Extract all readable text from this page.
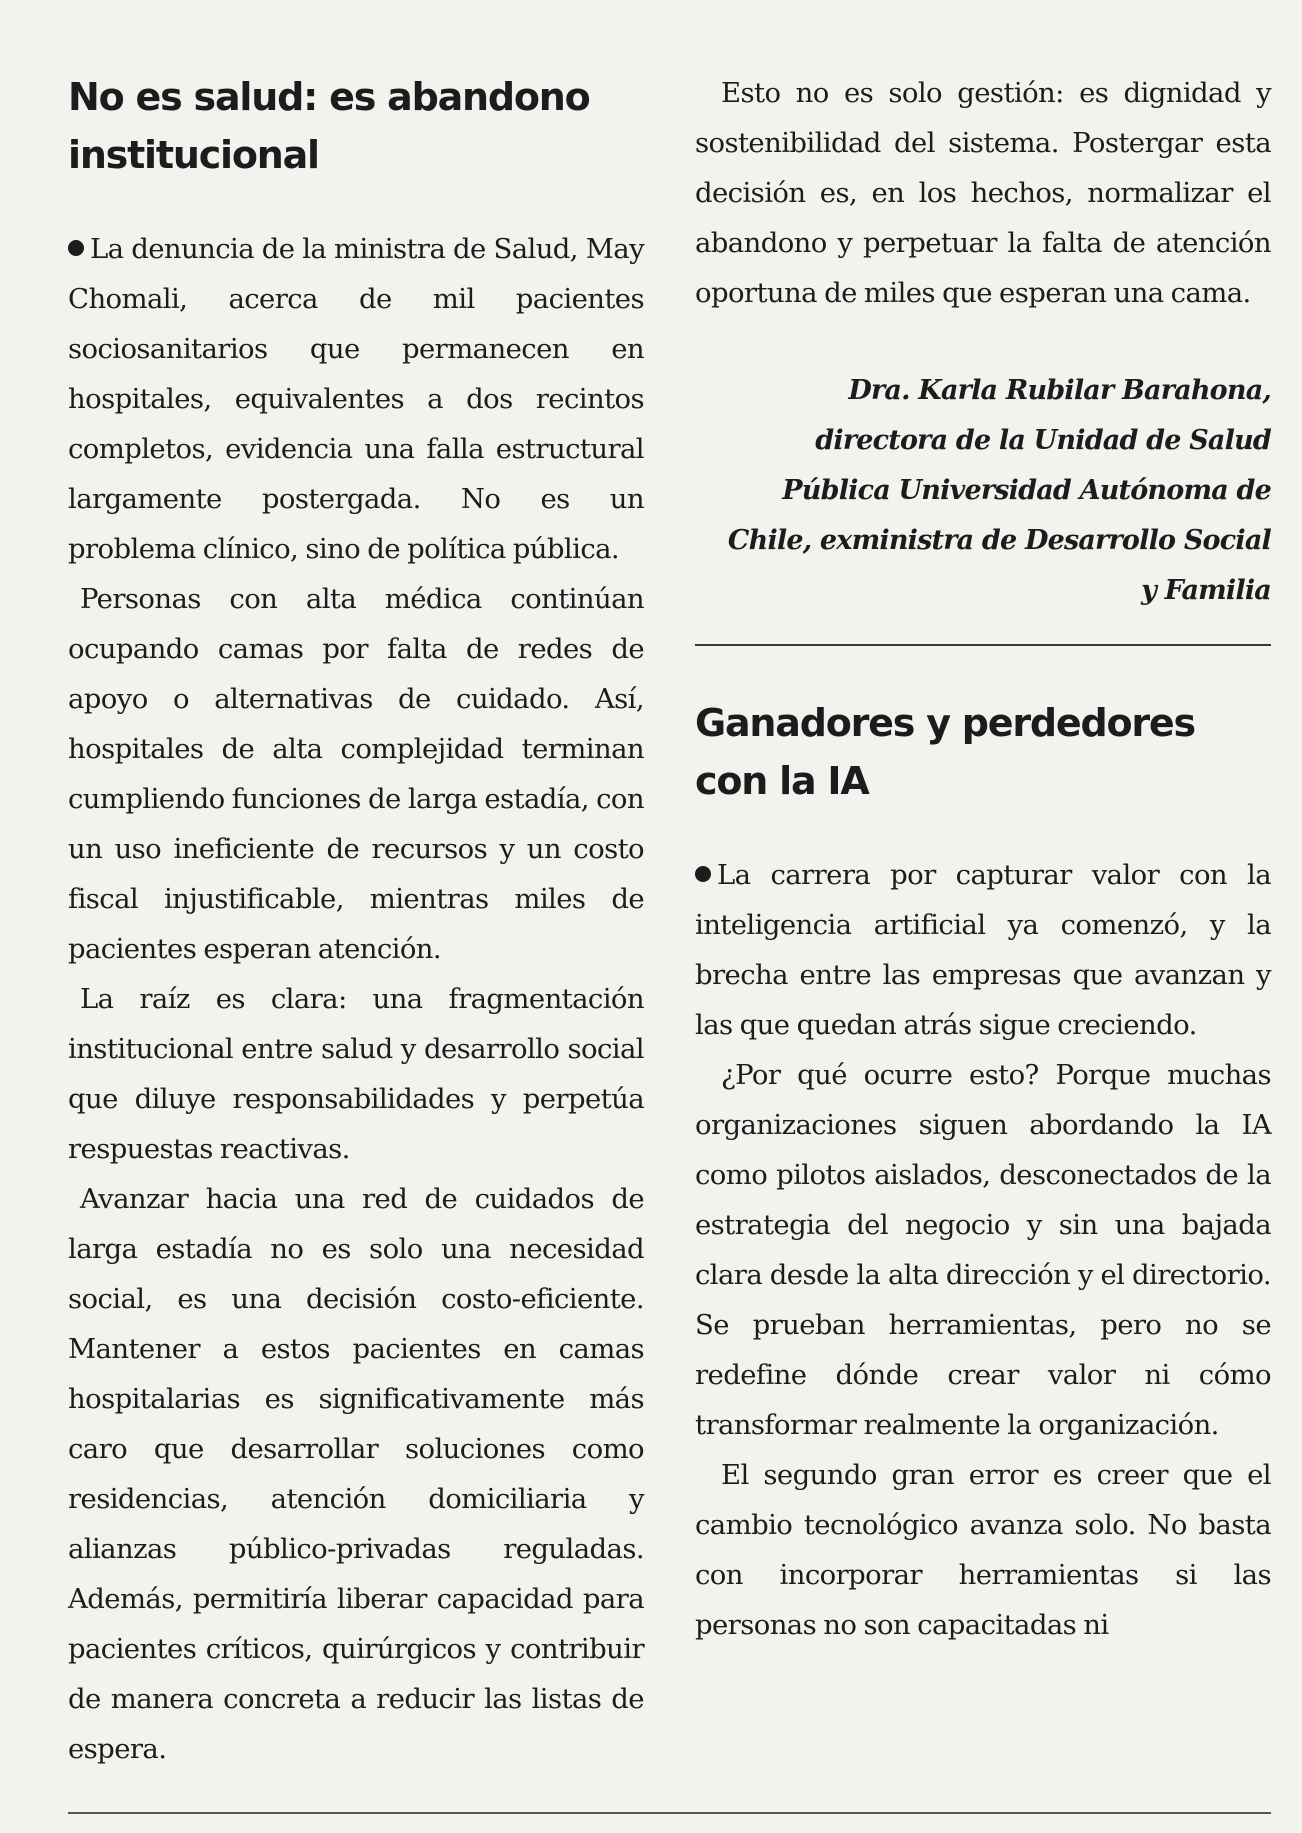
No es salud: es abandono institucional

La denuncia de la ministra de Salud, May Chomali, acerca de mil pacientes sociosanitarios que permanecen en hospitales, equivalentes a dos recintos completos, evidencia una falla estructural largamente postergada. No es un problema clínico, sino de política pública.

Personas con alta médica continúan ocupando camas por falta de redes de apoyo o alternativas de cuidado. Así, hospitales de alta complejidad terminan cumpliendo funciones de larga estadía, con un uso ineficiente de recursos y un costo fiscal injustificable, mientras miles de pacientes esperan atención.

La raíz es clara: una fragmentación institucional entre salud y desarrollo social que diluye responsabilidades y perpetúa respuestas reactivas.

Avanzar hacia una red de cuidados de larga estadía no es solo una necesidad social, es una decisión costo-eficiente. Mantener a estos pacientes en camas hospitalarias es significativamente más caro que desarrollar soluciones como residencias, atención domiciliaria y alianzas público-privadas reguladas. Además, permitiría liberar capacidad para pacientes críticos, quirúrgicos y contribuir de manera concreta a reducir las listas de espera.

Esto no es solo gestión: es dignidad y sostenibilidad del sistema. Postergar esta decisión es, en los hechos, normalizar el abandono y perpetuar la falta de atención oportuna de miles que esperan una cama.

Dra. Karla Rubilar Barahona,

directora de la Unidad de Salud

Pública Universidad Autónoma de

Chile, exministra de Desarrollo Social

y Familia

Ganadores y perdedores con la IA

La carrera por capturar valor con la inteligencia artificial ya comenzó, y la brecha entre las empresas que avanzan y las que quedan atrás sigue creciendo.

¿Por qué ocurre esto? Porque muchas organizaciones siguen abordando la IA como pilotos aislados, desconectados de la estrategia del negocio y sin una bajada clara desde la alta dirección y el directorio. Se prueban herramientas, pero no se redefine dónde crear valor ni cómo transformar realmente la organización.

El segundo gran error es creer que el cambio tecnológico avanza solo. No basta con incorporar herramientas si las personas no son capacitadas ni
